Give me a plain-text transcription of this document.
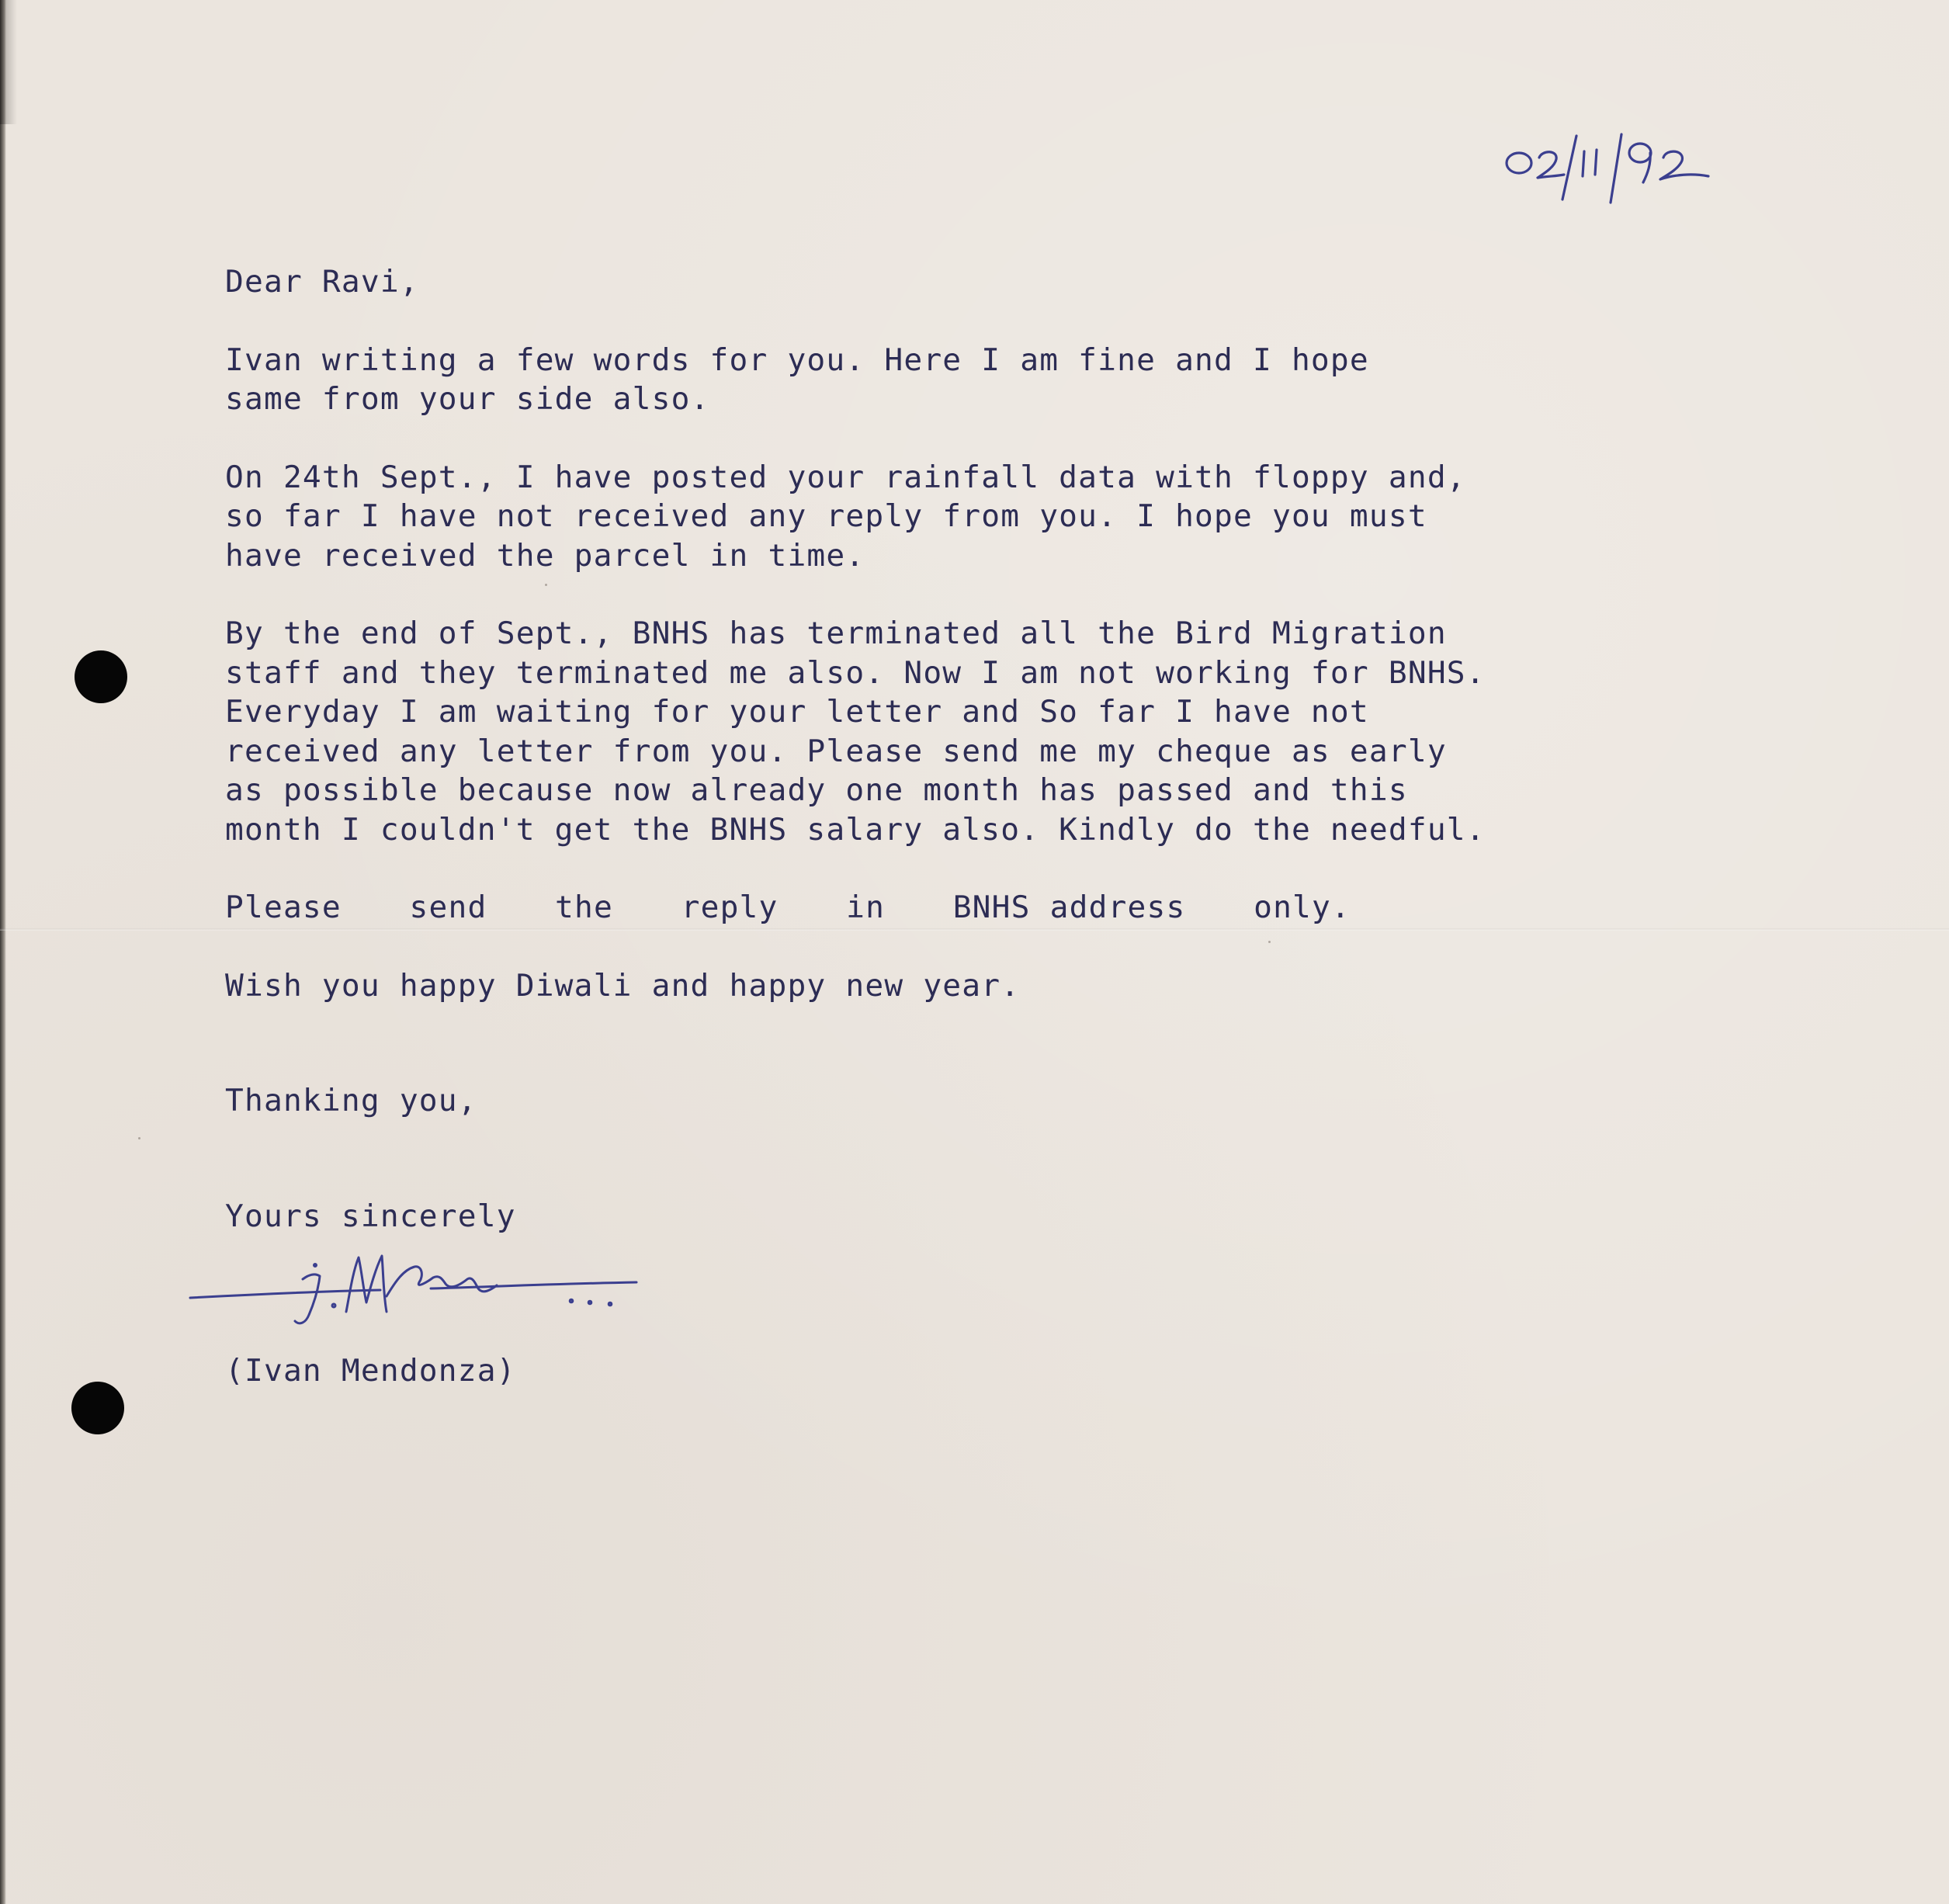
Dear Ravi,

Ivan writing a few words for you. Here I am fine and I hope

same from your side also.

On 24th Sept., I have posted your rainfall data with floppy and,

so far I have not received any reply from you. I hope you must

have received the parcel in time.

By the end of Sept., BNHS has terminated all the Bird Migration

staff and they terminated me also. Now I am not working for BNHS.

Everyday I am waiting for your letter and So far I have not

received any letter from you. Please send me my cheque as early

as possible because now already one month has passed and this

month I couldn't get the BNHS salary also. Kindly do the needful.

Please send the reply in BNHS address only.

Wish you happy Diwali and happy new year.

Thanking you,

Yours sincerely

(Ivan Mendonza)
